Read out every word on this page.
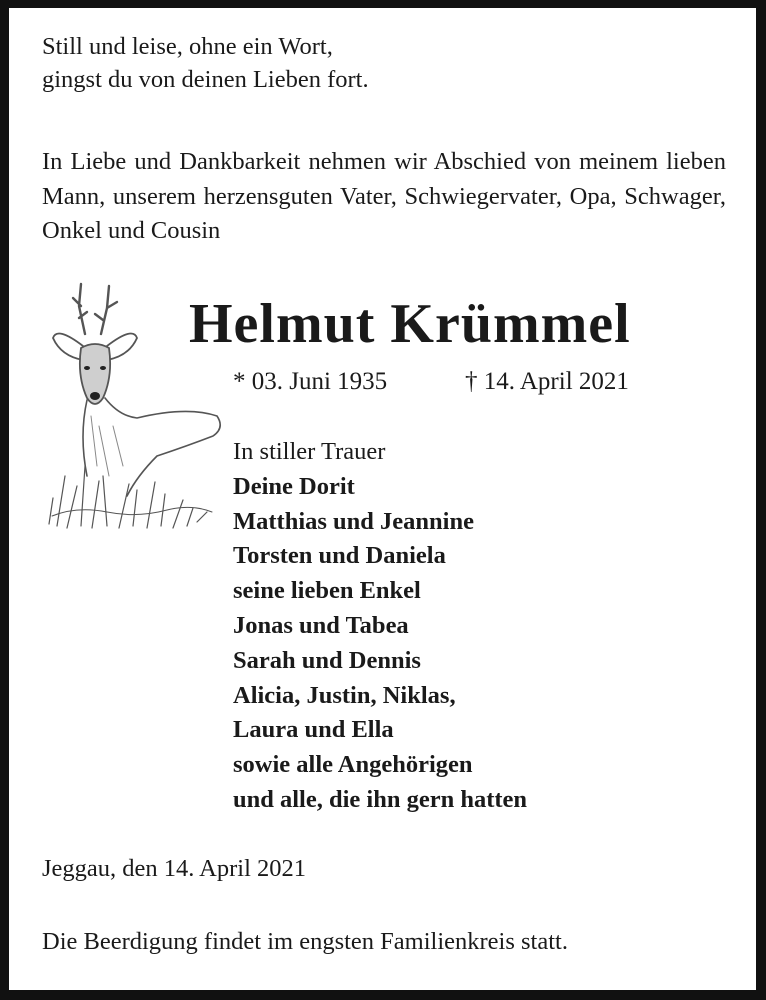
Still und leise, ohne ein Wort,
gingst du von deinen Lieben fort.
In Liebe und Dankbarkeit nehmen wir Abschied von meinem lieben Mann, unserem herzensguten Vater, Schwiegervater, Opa, Schwager, Onkel und Cousin
Helmut Krümmel
* 03. Juni 1935	† 14. April 2021
In stiller Trauer
Deine Dorit
Matthias und Jeannine
Torsten und Daniela
seine lieben Enkel
Jonas und Tabea
Sarah und Dennis
Alicia, Justin, Niklas,
Laura und Ella
sowie alle Angehörigen
und alle, die ihn gern hatten
Jeggau, den 14. April 2021
Die Beerdigung findet im engsten Familienkreis statt.
